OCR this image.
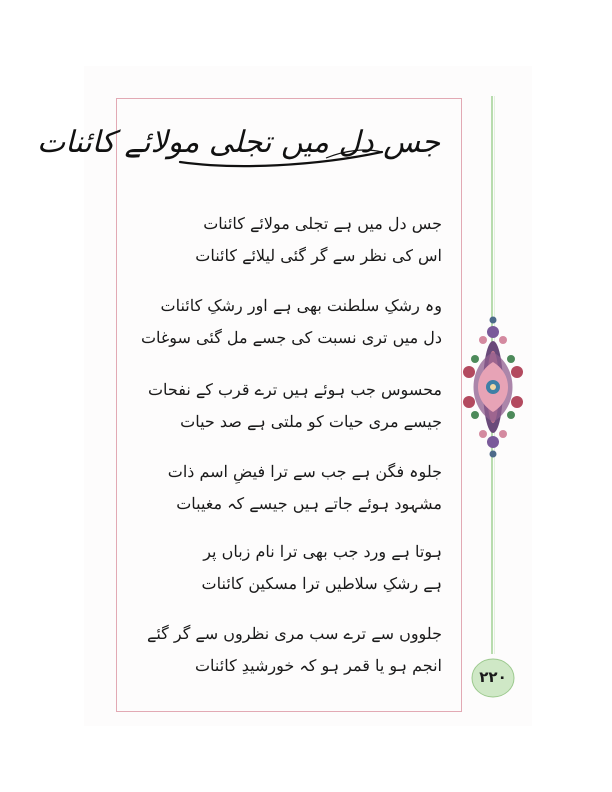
جس دل میں تجلی مولائے کائنات
جس دل میں ہے تجلی مولائے کائنات
اس کی نظر سے گر گئی لیلائے کائنات
وہ رشکِ سلطنت بھی ہے اور رشکِ کائنات
دل میں تری نسبت کی جسے مل گئی سوغات
محسوس جب ہوئے ہیں ترے قرب کے نفحات
جیسے مری حیات کو ملتی ہے صد حیات
جلوہ فگن ہے جب سے ترا فیضِ اسم ذات
مشہود ہوئے جاتے ہیں جیسے کہ مغیبات
ہوتا ہے ورد جب بھی ترا نام زباں پر
ہے رشکِ سلاطیں ترا مسکین کائنات
جلووں سے ترے سب مری نظروں سے گر گئے
انجم ہو یا قمر ہو کہ خورشیدِ کائنات
۲۲۰
